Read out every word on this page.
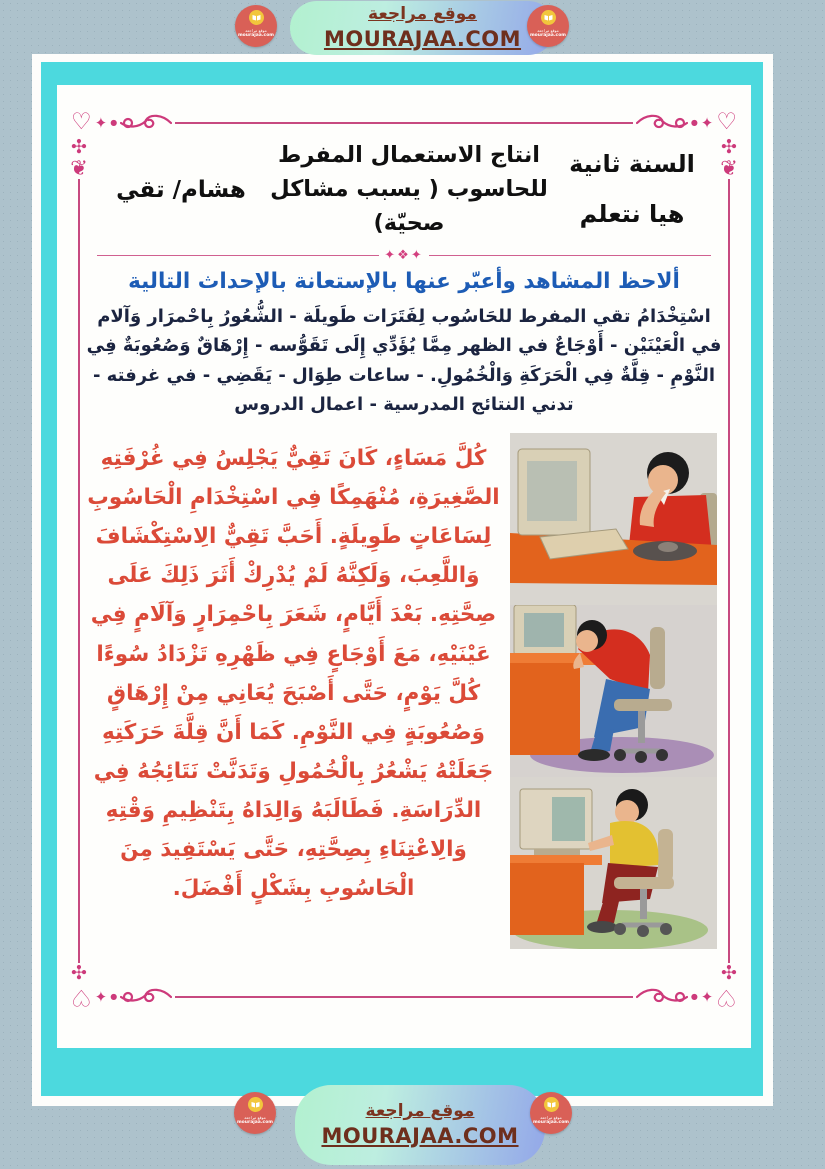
موقع مراجعة
MOURAJAA.COM
موقع مراجعة
mourajaa.com
موقع مراجعة
mourajaa.com
♡ ✦ ●	● ✦ ♡
✣
❦
✣
✣
❦
✣
♡ ✦ ●	● ✦ ♡
السنة ثانية
هيا نتعلم
انتاج الاستعمال المفرط
للحاسوب ( يسبب مشاكل
صحيّة)
هشام/ تقي
✦❖✦
ألاحظ المشاهد وأعبّر عنها بالإستعانة بالإحداث التالية
اسْتِخْدَامُ تقي المفرط للحَاسُوب لِفَتَرَات طَويلَة - الشُّعُورُ بِاحْمرَار وَآلام في الْعَيْنَيْن - أَوْجَاعٌ في الظهر مِمَّا يُؤَدِّي إِلَى تَقَوُّسه - إِرْهَاقٌ وَصُعُوبَةٌ فِي النَّوْمِ - قِلَّةٌ فِي الْحَرَكَةِ وَالْخُمُولِ. - ساعات طِوَال - يَقَضِي - في غرفته - تدني النتائج المدرسية - اعمال الدروس
كُلَّ مَسَاءٍ، كَانَ تَقِيٌّ يَجْلِسُ فِي غُرْفَتِهِ الصَّغِيرَةِ، مُنْهَمِكًا فِي اسْتِخْدَامِ الْحَاسُوبِ لِسَاعَاتٍ طَوِيلَةٍ. أَحَبَّ تَقِيٌّ الِاسْتِكْشَافَ وَاللَّعِبَ، وَلَكِنَّهُ لَمْ يُدْرِكْ أَثَرَ ذَلِكَ عَلَى صِحَّتِهِ. بَعْدَ أَيَّامٍ، شَعَرَ بِاحْمِرَارٍ وَآلَامٍ فِي عَيْنَيْهِ، مَعَ أَوْجَاعٍ فِي ظَهْرِهِ تَزْدَادُ سُوءًا كُلَّ يَوْمٍ، حَتَّى أَصْبَحَ يُعَانِي مِنْ إِرْهَاقٍ وَصُعُوبَةٍ فِي النَّوْمِ. كَمَا أَنَّ قِلَّةَ حَرَكَتِهِ جَعَلَتْهُ يَشْعُرُ بِالْخُمُولِ وَتَدَنَّتْ نَتَائِجُهُ فِي الدِّرَاسَةِ. فَطَالَبَهُ وَالِدَاهُ بِتَنْظِيمِ وَقْتِهِ وَالِاعْتِنَاءِ بِصِحَّتِهِ، حَتَّى يَسْتَفِيدَ مِنَ الْحَاسُوبِ بِشَكْلٍ أَفْضَلَ.
موقع مراجعة
MOURAJAA.COM
موقع مراجعة
mourajaa.com
موقع مراجعة
mourajaa.com
